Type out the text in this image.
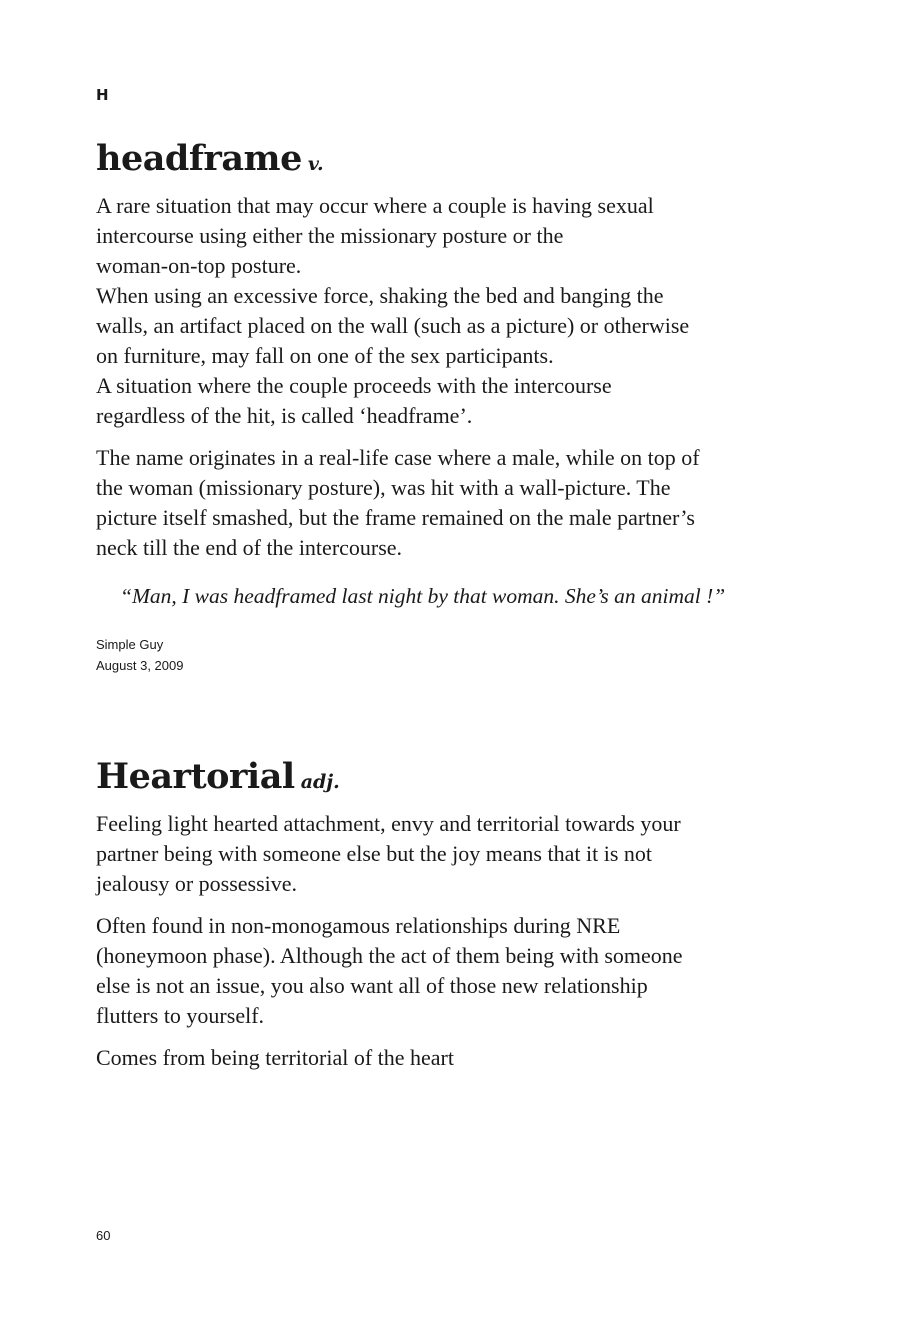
H
headframe v.

A rare situation that may occur where a couple is having sexual
intercourse using either the missionary posture or the
woman-on-top posture.
When using an excessive force, shaking the bed and banging the
walls, an artifact placed on the wall (such as a picture) or otherwise
on furniture, may fall on one of the sex participants.
A situation where the couple proceeds with the intercourse
regardless of the hit, is called ‘headframe’.

The name originates in a real-life case where a male, while on top of
the woman (missionary posture), was hit with a wall-picture. The
picture itself smashed, but the frame remained on the male partner’s
neck till the end of the intercourse.

“Man, I was headframed last night by that woman. She’s an animal !”
Simple Guy
August 3, 2009
Heartorial adj.

Feeling light hearted attachment, envy and territorial towards your
partner being with someone else but the joy means that it is not
jealousy or possessive.

Often found in non-monogamous relationships during NRE
(honeymoon phase). Although the act of them being with someone
else is not an issue, you also want all of those new relationship
flutters to yourself.

Comes from being territorial of the heart

60
